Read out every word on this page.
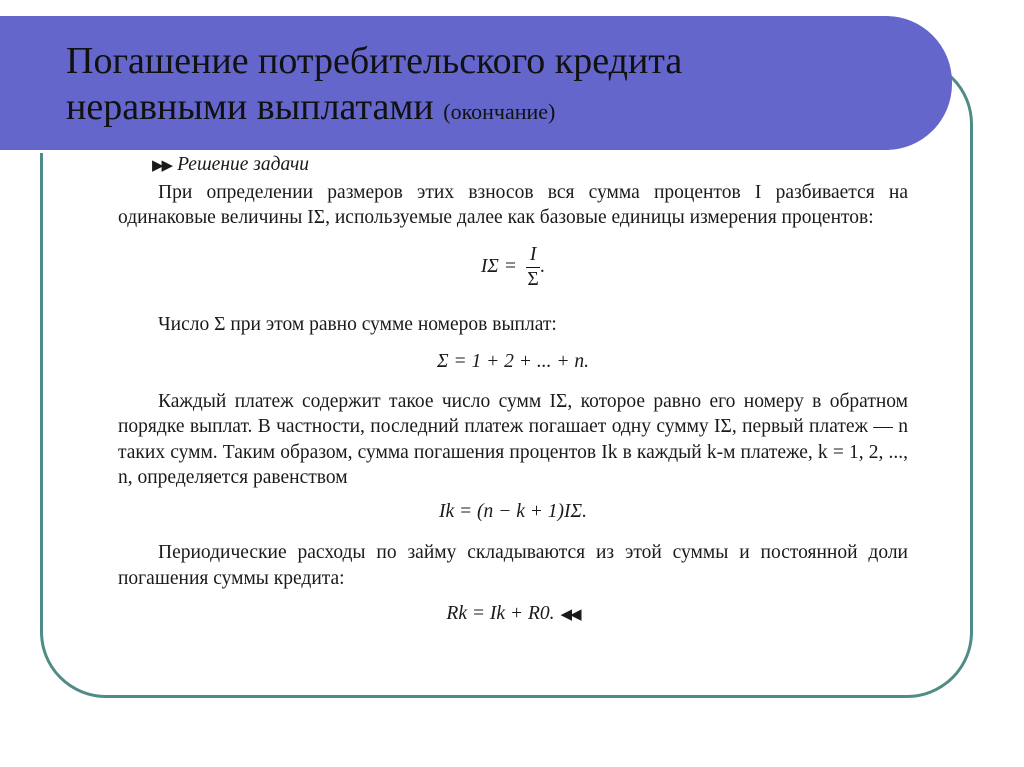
Погашение потребительского кредита
неравными выплатами (окончание)
▶▶ Решение задачи

При определении размеров этих взносов вся сумма процентов I разбивается на одинаковые величины IΣ, используемые далее как базовые единицы измерения процентов:

$I\Sigma = \frac{I}{\Sigma}$ .

Число Σ при этом равно сумме номеров выплат:

Σ = 1 + 2 + ... + n.

Каждый платеж содержит такое число сумм IΣ, которое равно его номеру в обратном порядке выплат. В частности, последний платеж погашает одну сумму IΣ, первый платеж — n таких сумм. Таким образом, сумма погашения процентов Ik в каждый k-м платеже, k = 1, 2, ..., n, определяется равенством

Ik = (n − k + 1)IΣ.

Периодические расходы по займу складываются из этой суммы и постоянной доли погашения суммы кредита:

Rk = Ik + R0. ◀◀
